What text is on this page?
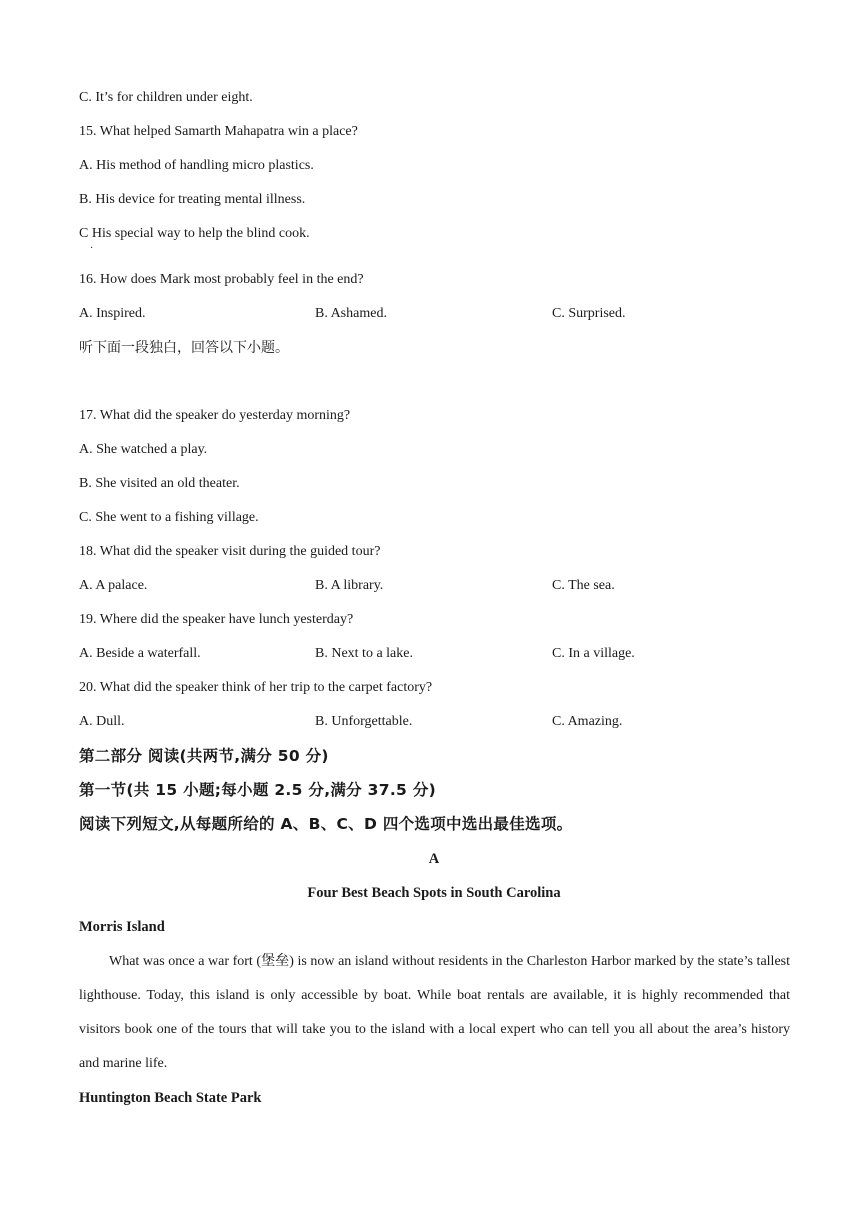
C. It’s for children under eight.
15. What helped Samarth Mahapatra win a place?
A. His method of handling micro plastics.
B. His device for treating mental illness.
C His special way to help the blind cook.
·
16. How does Mark most probably feel in the end?
A. Inspired.	B. Ashamed.	C. Surprised.
听下面一段独白，回答以下小题。
17. What did the speaker do yesterday morning?
A. She watched a play.
B. She visited an old theater.
C. She went to a fishing village.
18. What did the speaker visit during the guided tour?
A. A palace.	B. A library.	C. The sea.
19. Where did the speaker have lunch yesterday?
A. Beside a waterfall.	B. Next to a lake.	C. In a village.
20. What did the speaker think of her trip to the carpet factory?
A. Dull.	B. Unforgettable.	C. Amazing.
第二部分 阅读(共两节,满分 50 分)
第一节(共 15 小题;每小题 2.5 分,满分 37.5 分)
阅读下列短文,从每题所给的 A、B、C、D 四个选项中选出最佳选项。
A
Four Best Beach Spots in South Carolina
Morris Island
What was once a war fort (堡垒) is now an island without residents in the Charleston Harbor marked by the state’s tallest lighthouse. Today, this island is only accessible by boat. While boat rentals are available, it is highly recommended that visitors book one of the tours that will take you to the island with a local expert who can tell you all about the area’s history and marine life.
Huntington Beach State Park
